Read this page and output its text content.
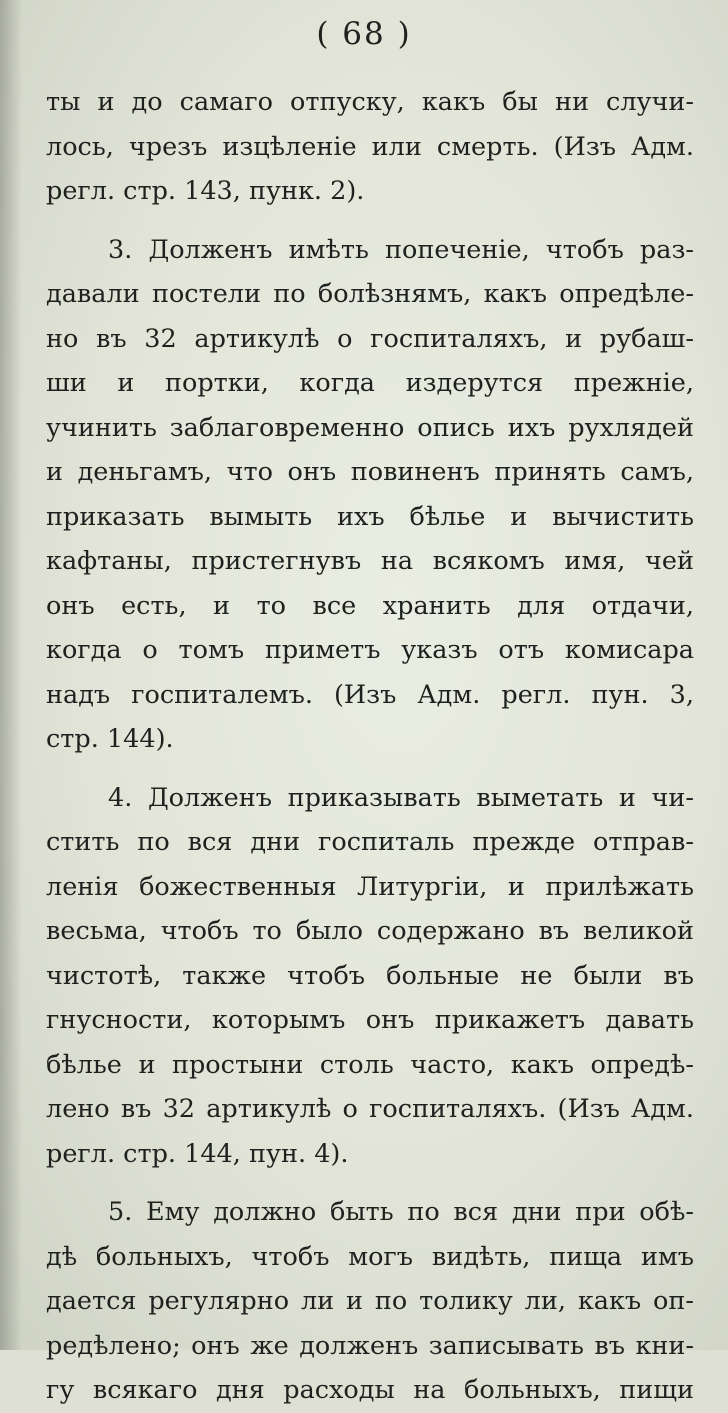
( 68 )
ты и до самаго отпуску, какъ бы ни случи-
лось, чрезъ изцѣленіе или смерть. (Изъ Адм.
регл. стр. 143, пунк. 2).
3. Долженъ имѣть попеченіе, чтобъ раз-
давали постели по болѣзнямъ, какъ опредѣле-
но въ 32 артикулѣ о госпиталяхъ, и рубаш-
ши и портки, когда издерутся прежніе,
учинить заблаговременно опись ихъ рухлядей
и деньгамъ, что онъ повиненъ принять самъ,
приказать вымыть ихъ бѣлье и вычистить
кафтаны, пристегнувъ на всякомъ имя, чей
онъ есть, и то все хранить для отдачи,
когда о томъ приметъ указъ отъ комисара
надъ госпиталемъ. (Изъ Адм. регл. пун. 3,
стр. 144).
4. Долженъ приказывать выметать и чи-
стить по вся дни госпиталь прежде отправ-
ленія божественныя Литургіи, и прилѣжать
весьма, чтобъ то было содержано въ великой
чистотѣ, также чтобъ больные не были въ
гнусности, которымъ онъ прикажетъ давать
бѣлье и простыни столь часто, какъ опредѣ-
лено въ 32 артикулѣ о госпиталяхъ. (Изъ Адм.
регл. стр. 144, пун. 4).
5. Ему должно быть по вся дни при обѣ-
дѣ больныхъ, чтобъ могъ видѣть, пища имъ
дается регулярно ли и по толику ли, какъ оп-
редѣлено; онъ же долженъ записывать въ кни-
гу всякаго дня расходы на больныхъ, пищи
